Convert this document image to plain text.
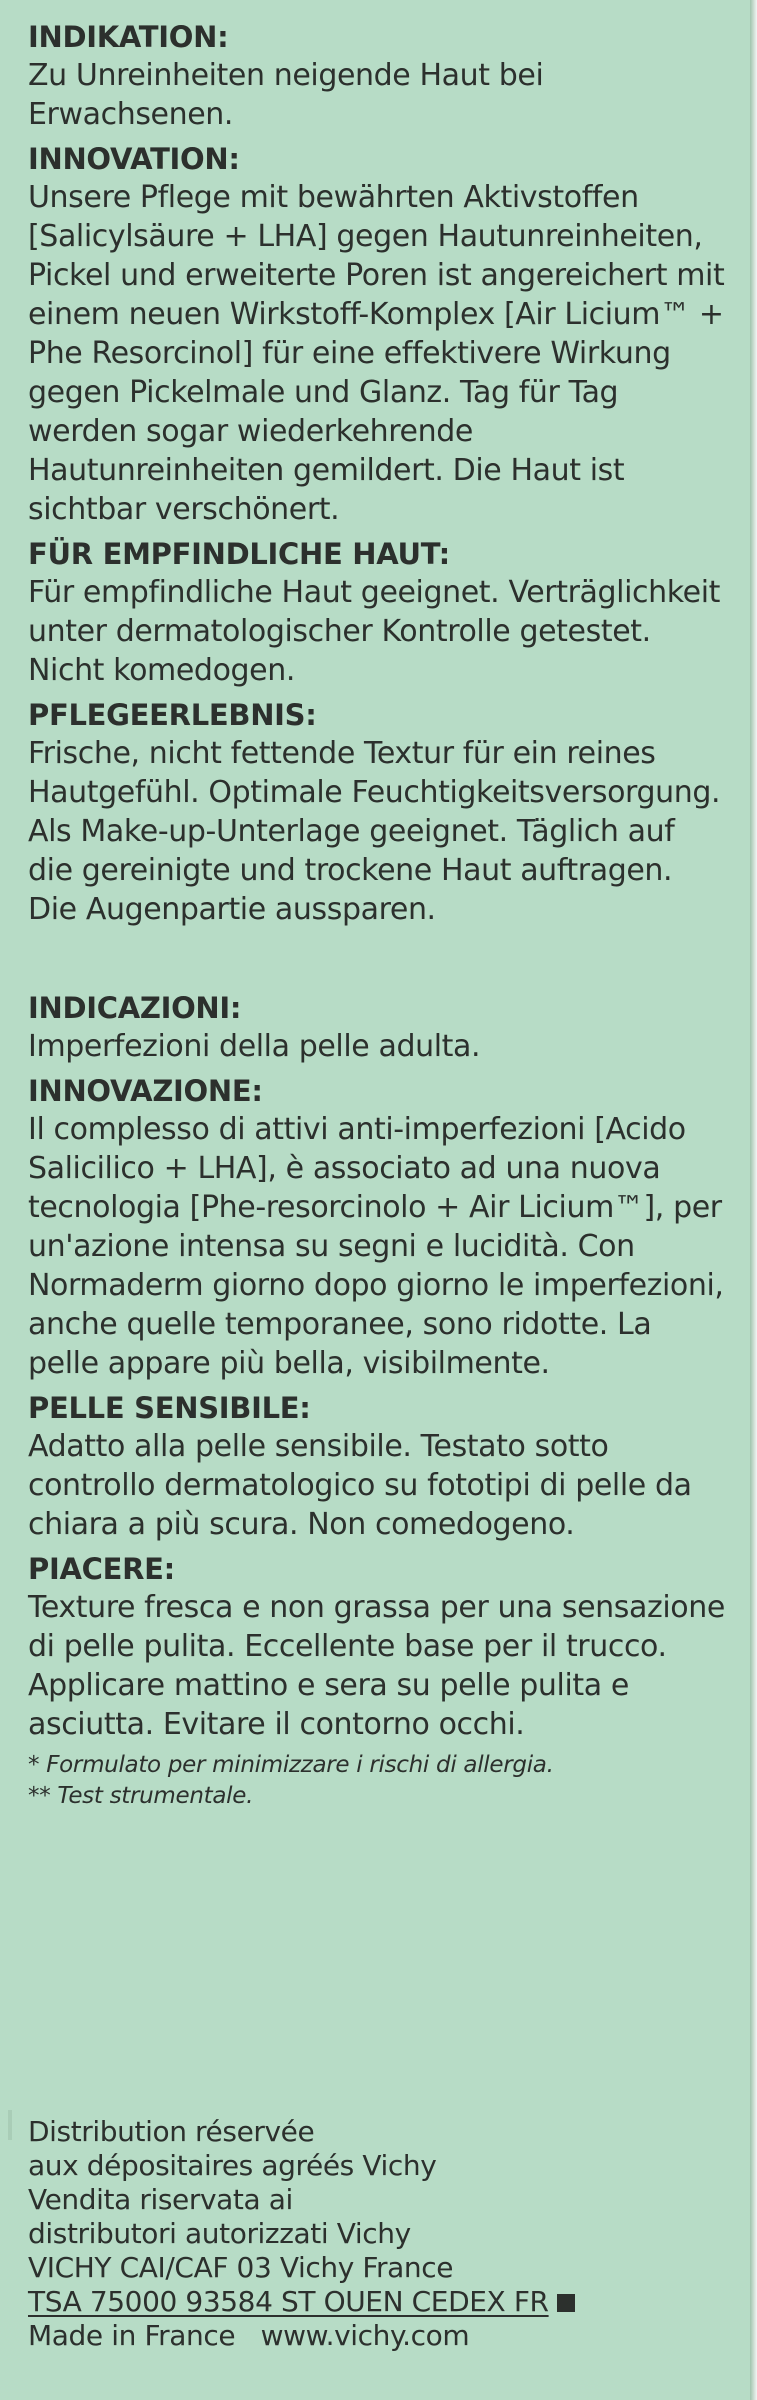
INDIKATION:

Zu Unreinheiten neigende Haut bei Erwachsenen.

INNOVATION:

Unsere Pflege mit bewährten Aktivstoffen [Salicylsäure + LHA] gegen Hautunreinheiten, Pickel und erweiterte Poren ist angereichert mit einem neuen Wirkstoff-Komplex [Air Licium™ + Phe Resorcinol] für eine effektivere Wirkung gegen Pickelmale und Glanz. Tag für Tag werden sogar wiederkehrende Hautunreinheiten gemildert. Die Haut ist sichtbar verschönert.

FÜR EMPFINDLICHE HAUT:

Für empfindliche Haut geeignet. Verträglichkeit unter dermatologischer Kontrolle getestet. Nicht komedogen.

PFLEGEERLEBNIS:

Frische, nicht fettende Textur für ein reines Hautgefühl. Optimale Feuchtigkeitsversorgung. Als Make-up-Unterlage geeignet. Täglich auf die gereinigte und trockene Haut auftragen. Die Augenpartie aussparen.

INDICAZIONI:

Imperfezioni della pelle adulta.

INNOVAZIONE:

Il complesso di attivi anti-imperfezioni [Acido Salicilico + LHA], è associato ad una nuova tecnologia [Phe-resorcinolo + Air Licium™], per un'azione intensa su segni e lucidità. Con Normaderm giorno dopo giorno le imperfezioni, anche quelle temporanee, sono ridotte. La pelle appare più bella, visibilmente.

PELLE SENSIBILE:

Adatto alla pelle sensibile. Testato sotto controllo dermatologico su fototipi di pelle da chiara a più scura. Non comedogeno.

PIACERE:

Texture fresca e non grassa per una sensazione di pelle pulita. Eccellente base per il trucco. Applicare mattino e sera su pelle pulita e asciutta. Evitare il contorno occhi.

* Formulato per minimizzare i rischi di allergia.

** Test strumentale.

Distribution réservée
aux dépositaires agréés Vichy
Vendita riservata ai
distributori autorizzati Vichy
VICHY CAI/CAF 03 Vichy France
TSA 75000 93584 ST OUEN CEDEX FR
Made in France   www.vichy.com
